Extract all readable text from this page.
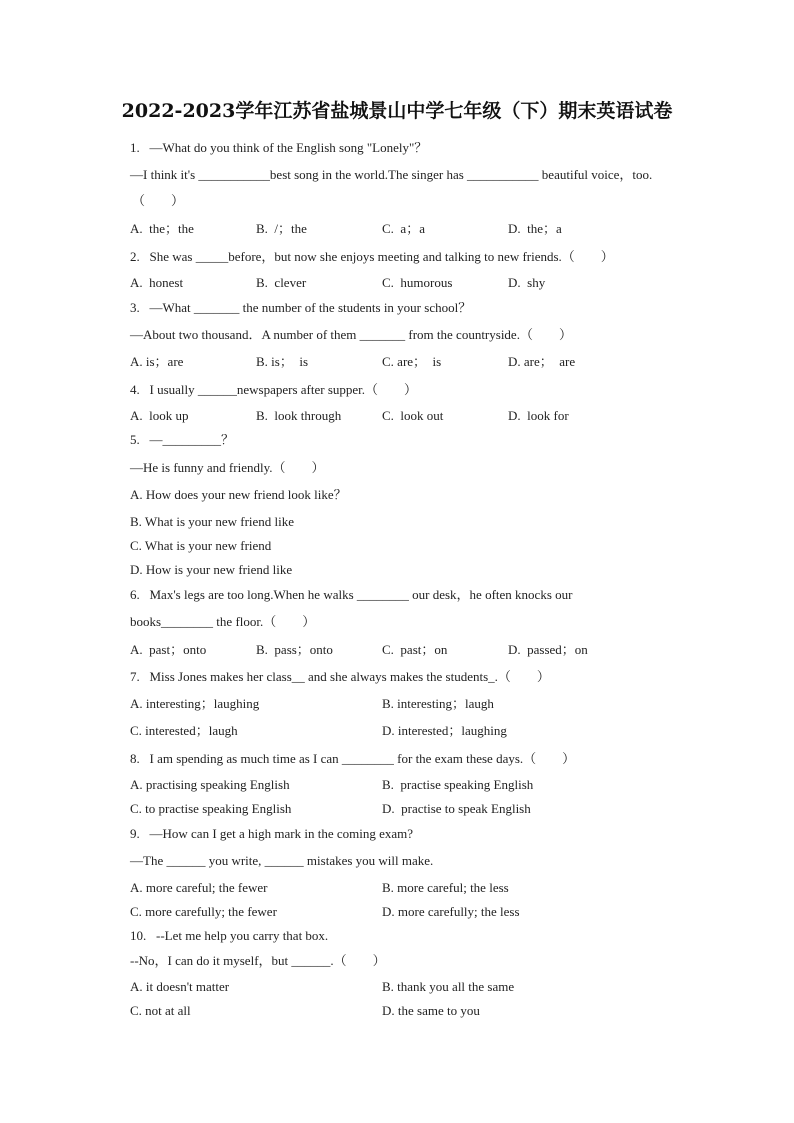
2022-2023学年江苏省盐城景山中学七年级（下）期末英语试卷
1.   —What do you think of the English song "Lonely"？
—I think it's ___________best song in the world.The singer has ___________ beautiful voice，too.
（        ）
A.  the；the	B.  /；the	C.  a；a	D.  the；a
2.   She was _____before，but now she enjoys meeting and talking to new friends.（        ）
A.  honest	B.  clever	C.  humorous	D.  shy
3.   —What _______ the number of the students in your school？
—About two thousand．A number of them _______ from the countryside.（        ）
A. is；are	B. is；  is	C. are；  is	D. are；  are
4.   I usually ______newspapers after supper.（        ）
A.  look up	B.  look through	C.  look out	D.  look for
5.   —_________？
—He is funny and friendly.（        ）
A. How does your new friend look like？
B. What is your new friend like
C. What is your new friend
D. How is your new friend like
6.   Max's legs are too long.When he walks ________ our desk，he often knocks our
books________ the floor.（        ）
A.  past；onto	B.  pass；onto	C.  past；on	D.  passed；on
7.   Miss Jones makes her class__ and she always makes the students_.（        ）
A. interesting；laughing	B. interesting；laugh
C. interested；laugh	D. interested；laughing
8.   I am spending as much time as I can ________ for the exam these days.（        ）
A. practising speaking English	B.  practise speaking English
C. to practise speaking English	D.  practise to speak English
9.   —How can I get a high mark in the coming exam?
—The ______ you write, ______ mistakes you will make.
A. more careful; the fewer	B. more careful; the less
C. more carefully; the fewer	D. more carefully; the less
10.   --Let me help you carry that box.
--No，I can do it myself，but ______.（        ）
A. it doesn't matter	B. thank you all the same
C. not at all	D. the same to you
